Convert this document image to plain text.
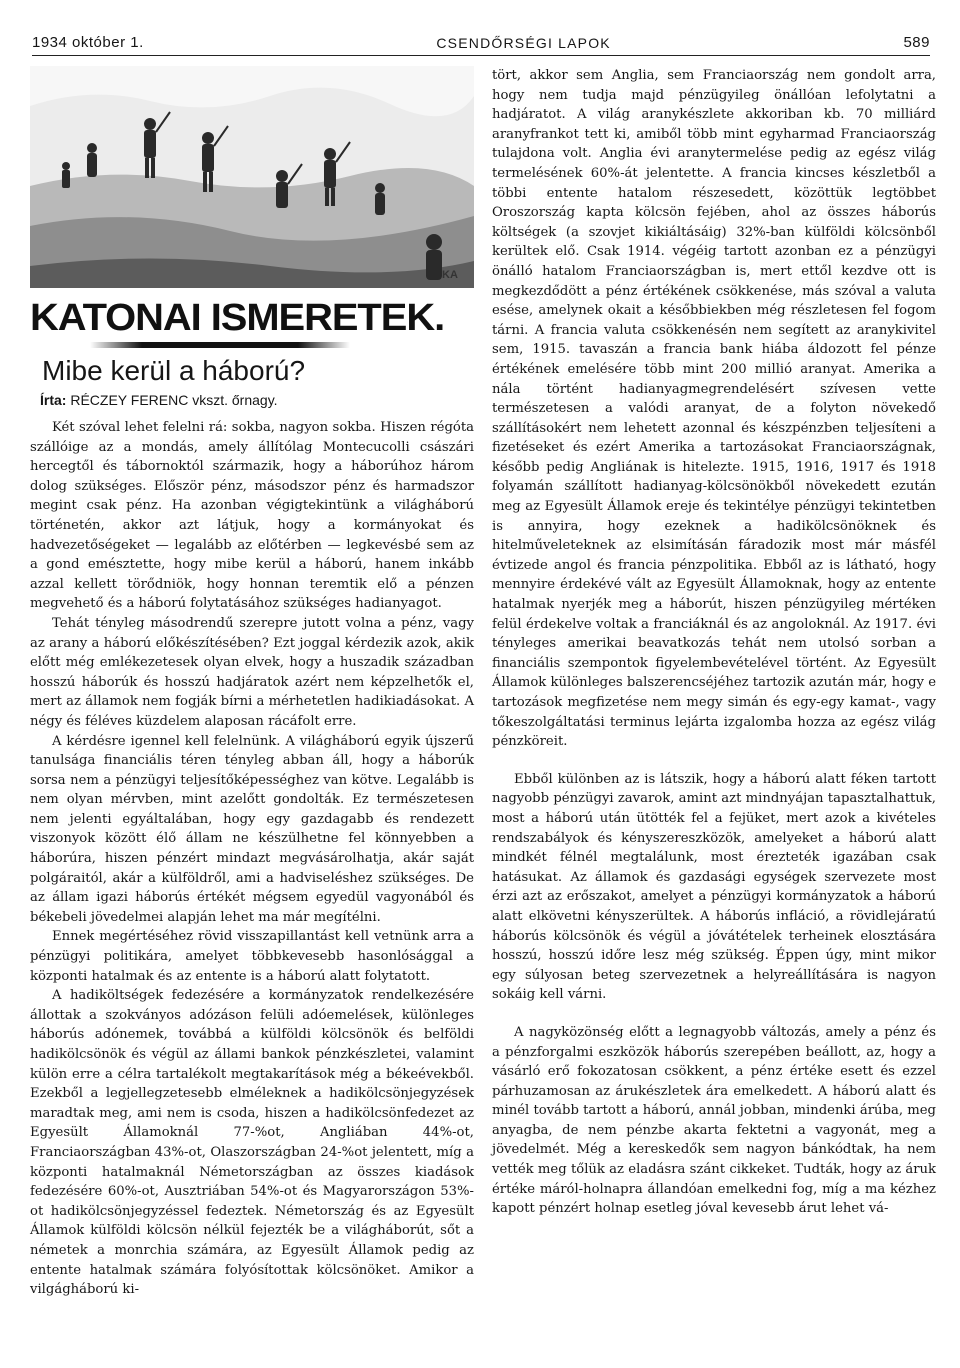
1934 október 1.	CSENDŐRSÉGI LAPOK	589
KA
KATONAI ISMERETEK.
Mibe kerül a háború?
Írta: RÉCZEY FERENC vkszt. őrnagy.

Két szóval lehet felelni rá: sokba, nagyon sokba. Hiszen régóta szállóige az a mondás, amely állítólag Montecucolli császári hercegtől és tábornoktól származik, hogy a háborúhoz három dolog szükséges. Először pénz, másodszor pénz és harmadszor megint csak pénz. Ha azonban végigtekintünk a világháború történetén, akkor azt látjuk, hogy a kormányokat és hadvezetőségeket — legalább az előtérben — legkevésbé sem az a gond emésztette, hogy mibe kerül a háború, hanem inkább azzal kellett törődniök, hogy honnan teremtik elő a pénzen megvehető és a háború folytatásához szükséges hadianyagot.

Tehát tényleg másodrendű szerepre jutott volna a pénz, vagy az arany a háború előkészítésében? Ezt joggal kérdezik azok, akik előtt még emlékezetesek olyan elvek, hogy a huszadik században hosszú háborúk és hosszú hadjáratok azért nem képzelhetők el, mert az államok nem fogják bírni a mérhetetlen hadikiadásokat. A négy és féléves küzdelem alaposan rácáfolt erre.

A kérdésre igennel kell felelnünk. A világháború egyik újszerű tanulsága financiális téren tényleg abban áll, hogy a háborúk sorsa nem a pénzügyi teljesítőképességhez van kötve. Legalább is nem olyan mérvben, mint azelőtt gondolták. Ez természetesen nem jelenti egyáltalában, hogy egy gazdagabb és rendezett viszonyok között élő állam ne készülhetne fel könnyebben a háborúra, hiszen pénzért mindazt megvásárolhatja, akár saját polgáraitól, akár a külföldről, ami a hadviseléshez szükséges. De az állam igazi háborús értékét mégsem egyedül vagyonából és békebeli jövedelmei alapján lehet ma már megítélni.

Ennek megértéséhez rövid visszapillantást kell vetnünk arra a pénzügyi politikára, amelyet többkevesebb hasonlósággal a központi hatalmak és az entente is a háború alatt folytatott.

A hadiköltségek fedezésére a kormányzatok rendelkezésére állottak a szokványos adózáson felüli adóemelések, különleges háborús adónemek, továbbá a külföldi kölcsönök és belföldi hadikölcsönök és végül az állami bankok pénzkészletei, valamint külön erre a célra tartalékolt megtakarítások még a békeévekből. Ezekből a legjellegzetesebb elméleknek a hadikölcsönjegyzések maradtak meg, ami nem is csoda, hiszen a hadikölcsönfedezet az Egyesült Államoknál 77-%ot, Angliában 44%-ot, Franciaországban 43%-ot, Olaszországban 24-%ot jelentett, míg a központi hatalmaknál Németországban az összes kiadások fedezésére 60%-ot, Ausztriában 54%-ot és Magyarországon 53%-ot hadikölcsönjegyzéssel fedeztek. Németország és az Egyesült Államok külföldi kölcsön nélkül fejezték be a világháborút, sőt a németek a monrchia számára, az Egyesült Államok pedig az entente hatalmak számára folyósítottak kölcsönöket. Amikor a vilgágháború ki-

tört, akkor sem Anglia, sem Franciaország nem gondolt arra, hogy nem tudja majd pénzügyileg önállóan lefolytatni a hadjáratot. A világ aranykészlete akkoriban kb. 70 milliárd aranyfrankot tett ki, amiből több mint egyharmad Franciaország tulajdona volt. Anglia évi aranytermelése pedig az egész világ termelésének 60%-át jelentette. A francia kincses készletből a többi entente hatalom részesedett, közöttük legtöbbet Oroszország kapta kölcsön fejében, ahol az összes háborús költségek (a szovjet kikiáltásáig) 32%-ban külföldi kölcsönből kerültek elő. Csak 1914. végéig tartott azonban ez a pénzügyi önálló hatalom Franciaországban is, mert ettől kezdve ott is megkezdődött a pénz értékének csökkenése, más szóval a valuta esése, amelynek okait a későbbiekben még részletesen fel fogom tárni. A francia valuta csökkenésén nem segített az aranykivitel sem, 1915. tavaszán a francia bank hiába áldozott fel pénze értékének emelésére több mint 200 millió aranyat. Amerika a nála történt hadianyagmegrendelésért szívesen vette természetesen a valódi aranyat, de a folyton növekedő szállításokért nem lehetett azonnal és készpénzben teljesíteni a fizetéseket és ezért Amerika a tartozásokat Franciaországnak, később pedig Angliának is hitelezte. 1915, 1916, 1917 és 1918 folyamán szállított hadianyag-kölcsönökből növekedett ezután meg az Egyesült Államok ereje és tekintélye pénzügyi tekintetben is annyira, hogy ezeknek a hadikölcsönöknek és hitelműveleteknek az elsimításán fáradozik most már másfél évtizede angol és francia pénzpolitika. Ebből az is látható, hogy mennyire érdekévé vált az Egyesült Államoknak, hogy az entente hatalmak nyerjék meg a háborút, hiszen pénzügyileg mértéken felül érdekelve voltak a franciáknál és az angoloknál. Az 1917. évi tényleges amerikai beavatkozás tehát nem utolsó sorban a financiális szempontok figyelembevételével történt. Az Egyesült Államok különleges balszerencséjéhez tartozik azután már, hogy e tartozások megfizetése nem megy simán és egy-egy kamat-, vagy tőkeszolgáltatási terminus lejárta izgalomba hozza az egész világ pénzköreit.

Ebből különben az is látszik, hogy a háború alatt féken tartott nagyobb pénzügyi zavarok, amint azt mindnyájan tapasztalhattuk, most a háború után ütötték fel a fejüket, mert azok a kivételes rendszabályok és kényszereszközök, amelyeket a háború alatt mindkét félnél megtalálunk, most érezteték igazában csak hatásukat. Az államok és gazdasági egységek szervezete most érzi azt az erőszakot, amelyet a pénzügyi kormányzatok a háború alatt elkövetni kényszerültek. A háborús infláció, a rövidlejáratú háborús kölcsönök és végül a jóvátételek terheinek elosztására hosszú, hosszú időre lesz még szükség. Éppen úgy, mint mikor egy súlyosan beteg szervezetnek a helyreállítására is nagyon sokáig kell várni.

A nagyközönség előtt a legnagyobb változás, amely a pénz és a pénzforgalmi eszközök háborús szerepében beállott, az, hogy a vásárló erő fokozatosan csökkent, a pénz értéke esett és ezzel párhuzamosan az árukészletek ára emelkedett. A háború alatt és minél tovább tartott a háború, annál jobban, mindenki árúba, meg anyagba, de nem pénzbe akarta fektetni a vagyonát, meg a jövedelmét. Még a kereskedők sem nagyon bánkódtak, ha nem vették meg tőlük az eladásra szánt cikkeket. Tudták, hogy az áruk értéke máról-holnapra állandóan emelkedni fog, míg a ma kézhez kapott pénzért holnap esetleg jóval kevesebb árut lehet vá-
